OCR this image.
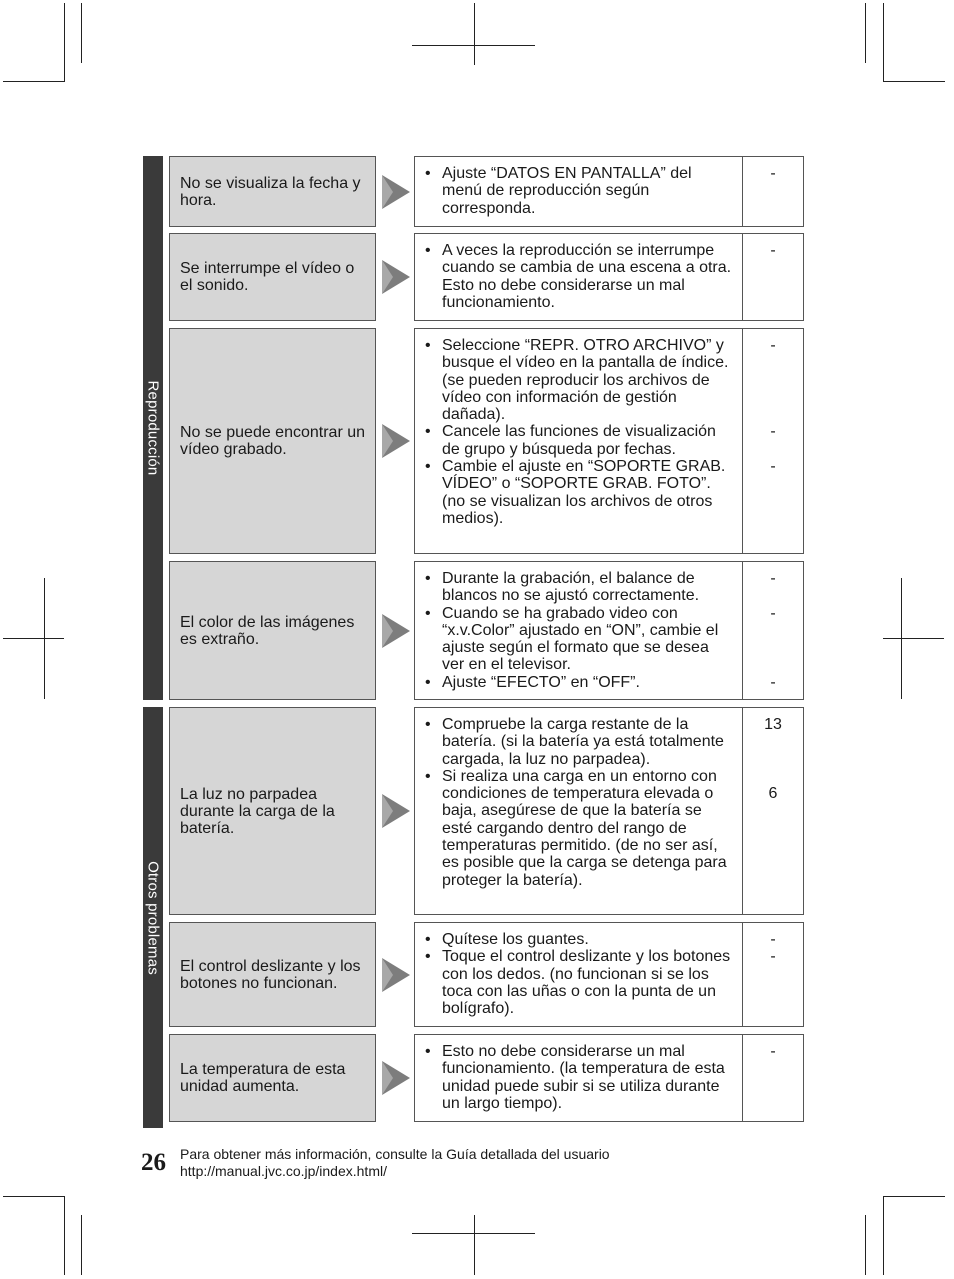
Reproducción
Otros problemas
No se visualiza la fecha y hora.
• Ajuste “DATOS EN PANTALLA” del menú de reproducción según corresponda.
-
Se interrumpe el vídeo o el sonido.
• A veces la reproducción se interrumpe cuando se cambia de una escena a otra. Esto no debe considerarse un mal funcionamiento.
-
No se puede encontrar un vídeo grabado.
• Seleccione “REPR. OTRO ARCHIVO” y busque el vídeo en la pantalla de índice. (se pueden reproducir los archivos de vídeo con información de gestión dañada).
• Cancele las funciones de visualización de grupo y búsqueda por fechas.
• Cambie el ajuste en “SOPORTE GRAB. VÍDEO” o “SOPORTE GRAB. FOTO”. (no se visualizan los archivos de otros medios).
-
-
-
El color de las imágenes es extraño.
• Durante la grabación, el balance de blancos no se ajustó correctamente.
• Cuando se ha grabado video con “x.v.Color” ajustado en “ON”, cambie el ajuste según el formato que se desea ver en el televisor.
• Ajuste “EFECTO” en “OFF”.
-
-
-
La luz no parpadea durante la carga de la batería.
• Compruebe la carga restante de la batería. (si la batería ya está totalmente cargada, la luz no parpadea).
• Si realiza una carga en un entorno con condiciones de temperatura elevada o baja, asegúrese de que la batería se esté cargando dentro del rango de temperaturas permitido. (de no ser así, es posible que la carga se detenga para proteger la batería).
13
6
El control deslizante y los botones no funcionan.
• Quítese los guantes.
• Toque el control deslizante y los botones con los dedos. (no funcionan si se los toca con las uñas o con la punta de un bolígrafo).
-
-
La temperatura de esta unidad aumenta.
• Esto no debe considerarse un mal funcionamiento. (la temperatura de esta unidad puede subir si se utiliza durante un largo tiempo).
-
26 Para obtener más información, consulte la Guía detallada del usuario
http://manual.jvc.co.jp/index.html/
